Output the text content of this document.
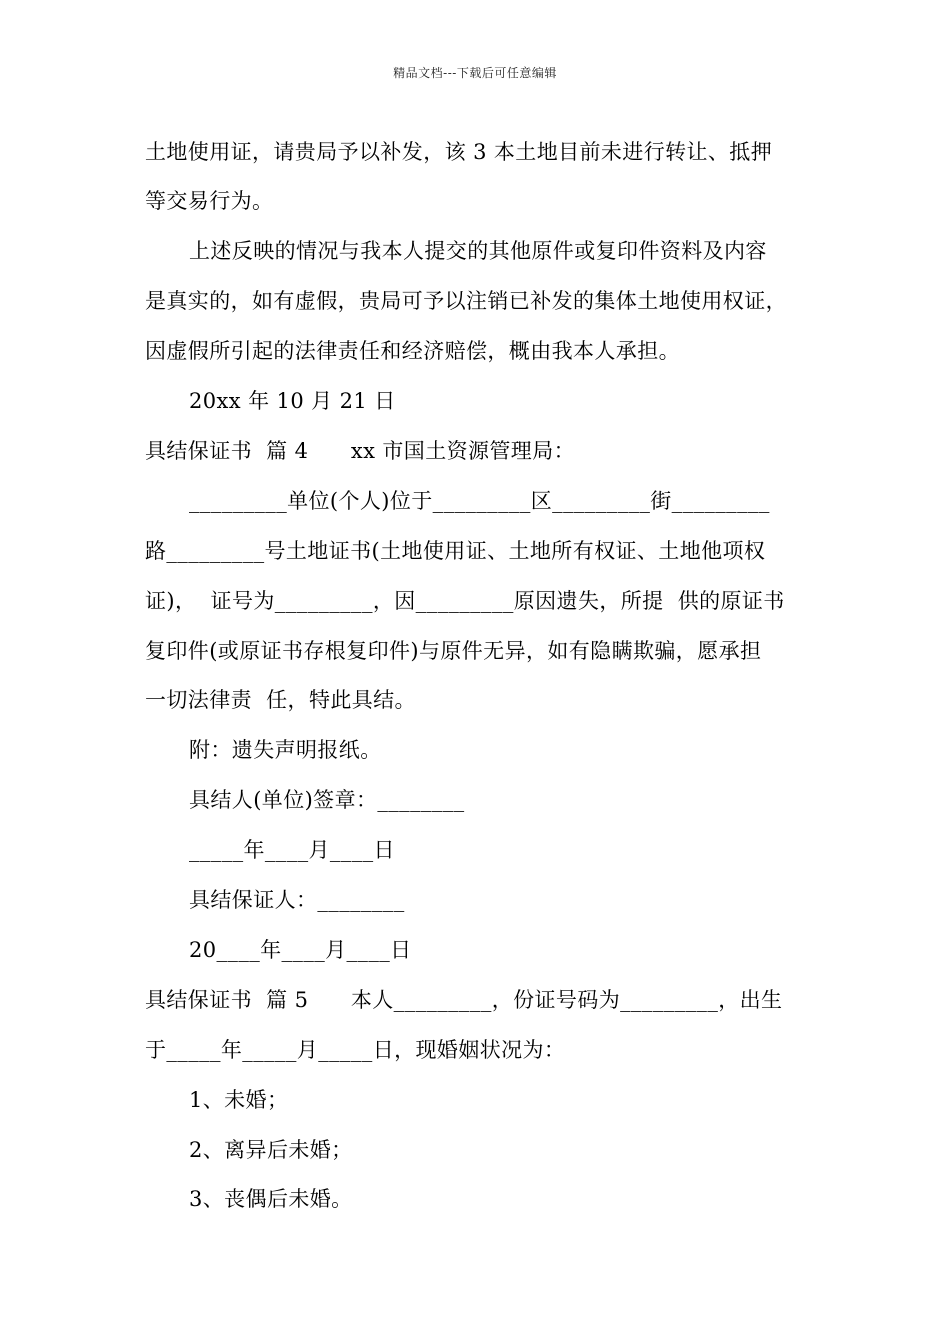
精品文档---下载后可任意编辑
土地使用证，请贵局予以补发，该 3 本土地目前未进行转让、抵押
等交易行为。
上述反映的情况与我本人提交的其他原件或复印件资料及内容
是真实的，如有虚假，贵局可予以注销已补发的集体土地使用权证，
因虚假所引起的法律责任和经济赔偿，概由我本人承担。
20xx 年 10 月 21 日
具结保证书  篇 4      xx 市国土资源管理局：
_________单位(个人)位于_________区_________街_________
路_________号土地证书(土地使用证、土地所有权证、土地他项权
证)，  证号为_________，因_________原因遗失，所提  供的原证书
复印件(或原证书存根复印件)与原件无异，如有隐瞒欺骗，愿承担
一切法律责  任，特此具结。
附：遗失声明报纸。
具结人(单位)签章：________
_____年____月____日
具结保证人：________
20____年____月____日
具结保证书  篇 5      本人_________，份证号码为_________，出生
于_____年_____月_____日，现婚姻状况为：
1、未婚；
2、离异后未婚；
3、丧偶后未婚。
